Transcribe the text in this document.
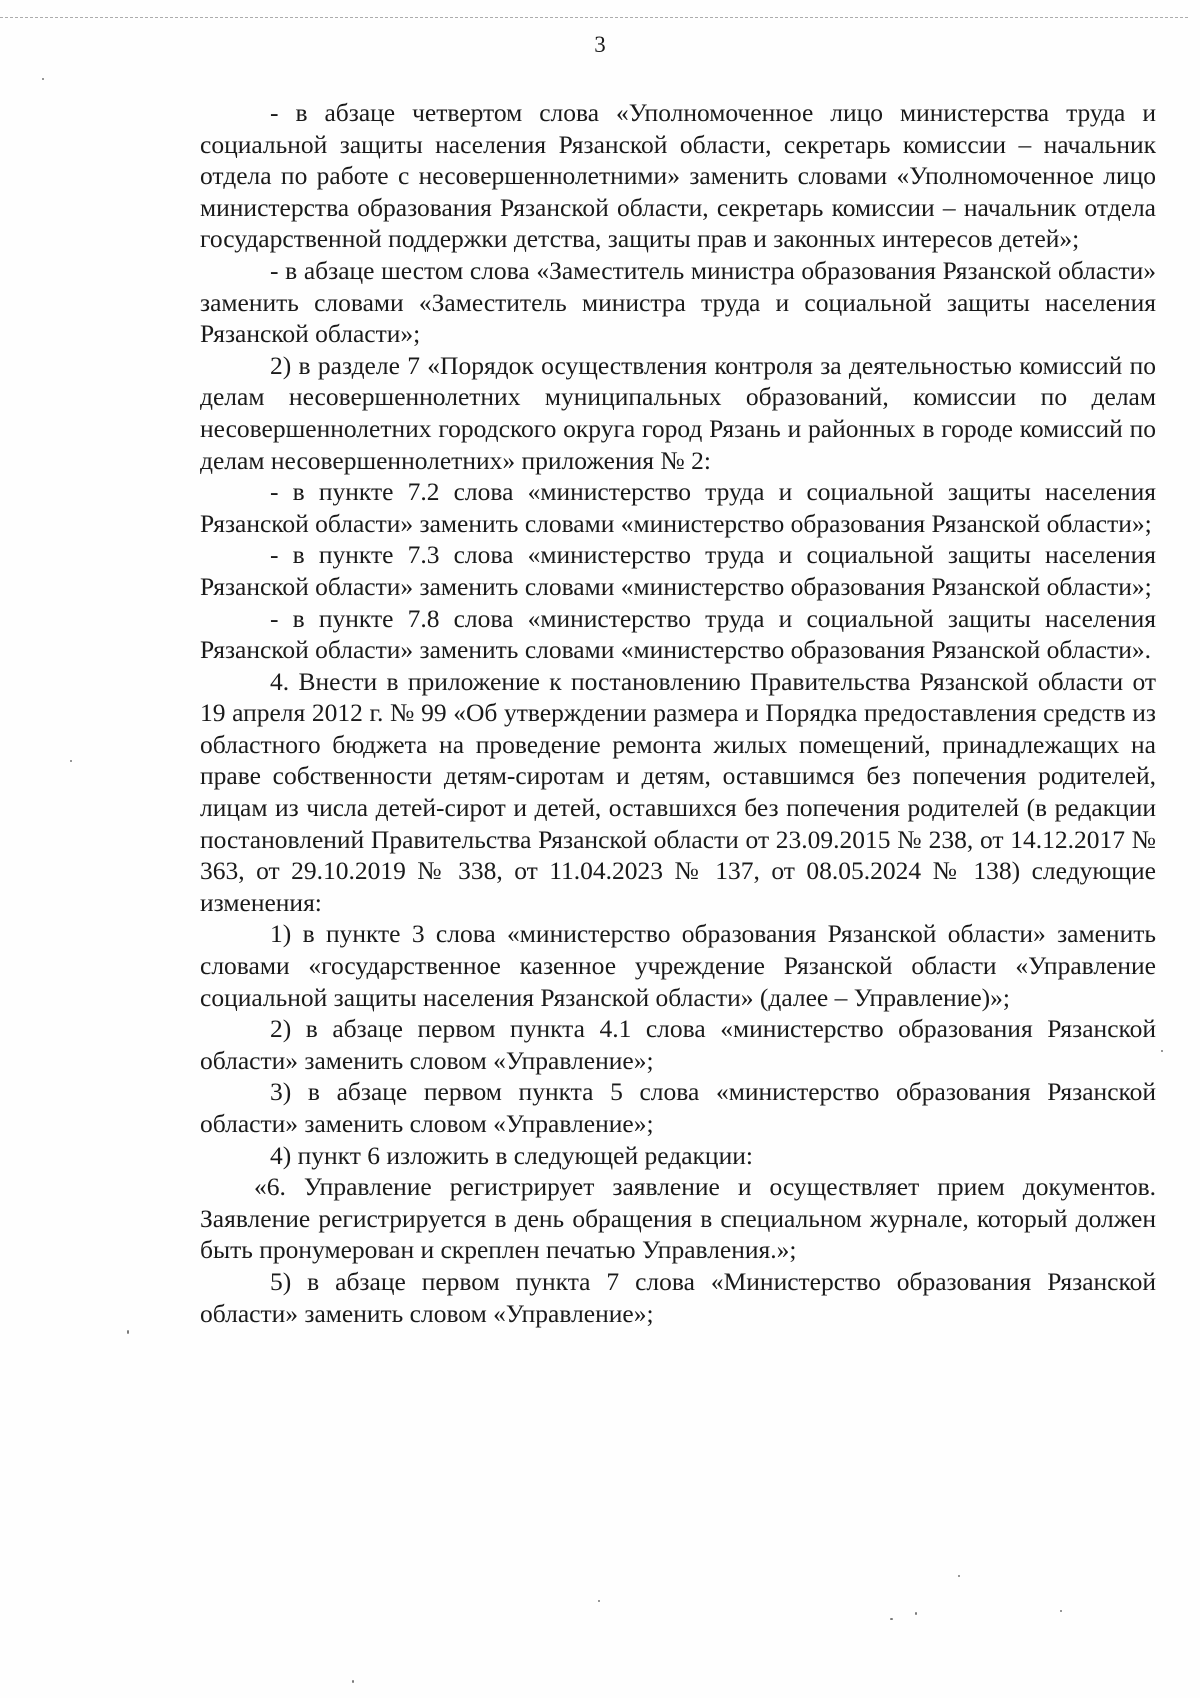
3

- в абзаце четвертом слова «Уполномоченное лицо министерства труда и социальной защиты населения Рязанской области, секретарь комиссии – начальник отдела по работе с несовершеннолетними» заменить словами «Уполномоченное лицо министерства образования Рязанской области, секретарь комиссии – начальник отдела государственной поддержки детства, защиты прав и законных интересов детей»;

- в абзаце шестом слова «Заместитель министра образования Рязанской области» заменить словами «Заместитель министра труда и социальной защиты населения Рязанской области»;

2) в разделе 7 «Порядок осуществления контроля за деятельностью комиссий по делам несовершеннолетних муниципальных образований, комиссии по делам несовершеннолетних городского округа город Рязань и районных в городе комиссий по делам несовершеннолетних» приложения № 2:

- в пункте 7.2 слова «министерство труда и социальной защиты населения Рязанской области» заменить словами «министерство образования Рязанской области»;

- в пункте 7.3 слова «министерство труда и социальной защиты населения Рязанской области» заменить словами «министерство образования Рязанской области»;

- в пункте 7.8 слова «министерство труда и социальной защиты населения Рязанской области» заменить словами «министерство образования Рязанской области».

4. Внести в приложение к постановлению Правительства Рязанской области от 19 апреля 2012 г. № 99 «Об утверждении размера и Порядка предоставления средств из областного бюджета на проведение ремонта жилых помещений, принадлежащих на праве собственности детям-сиротам и детям, оставшимся без попечения родителей, лицам из числа детей-сирот и детей, оставшихся без попечения родителей (в редакции постановлений Правительства Рязанской области от 23.09.2015 № 238, от 14.12.2017 № 363, от 29.10.2019 № 338, от 11.04.2023 № 137, от 08.05.2024 № 138) следующие изменения:

1) в пункте 3 слова «министерство образования Рязанской области» заменить словами «государственное казенное учреждение Рязанской области «Управление социальной защиты населения Рязанской области» (далее – Управление)»;

2) в абзаце первом пункта 4.1 слова «министерство образования Рязанской области» заменить словом «Управление»;

3) в абзаце первом пункта 5 слова «министерство образования Рязанской области» заменить словом «Управление»;

4) пункт 6 изложить в следующей редакции:

«6. Управление регистрирует заявление и осуществляет прием документов. Заявление регистрируется в день обращения в специальном журнале, который должен быть пронумерован и скреплен печатью Управления.»;

5) в абзаце первом пункта 7 слова «Министерство образования Рязанской области» заменить словом «Управление»;
